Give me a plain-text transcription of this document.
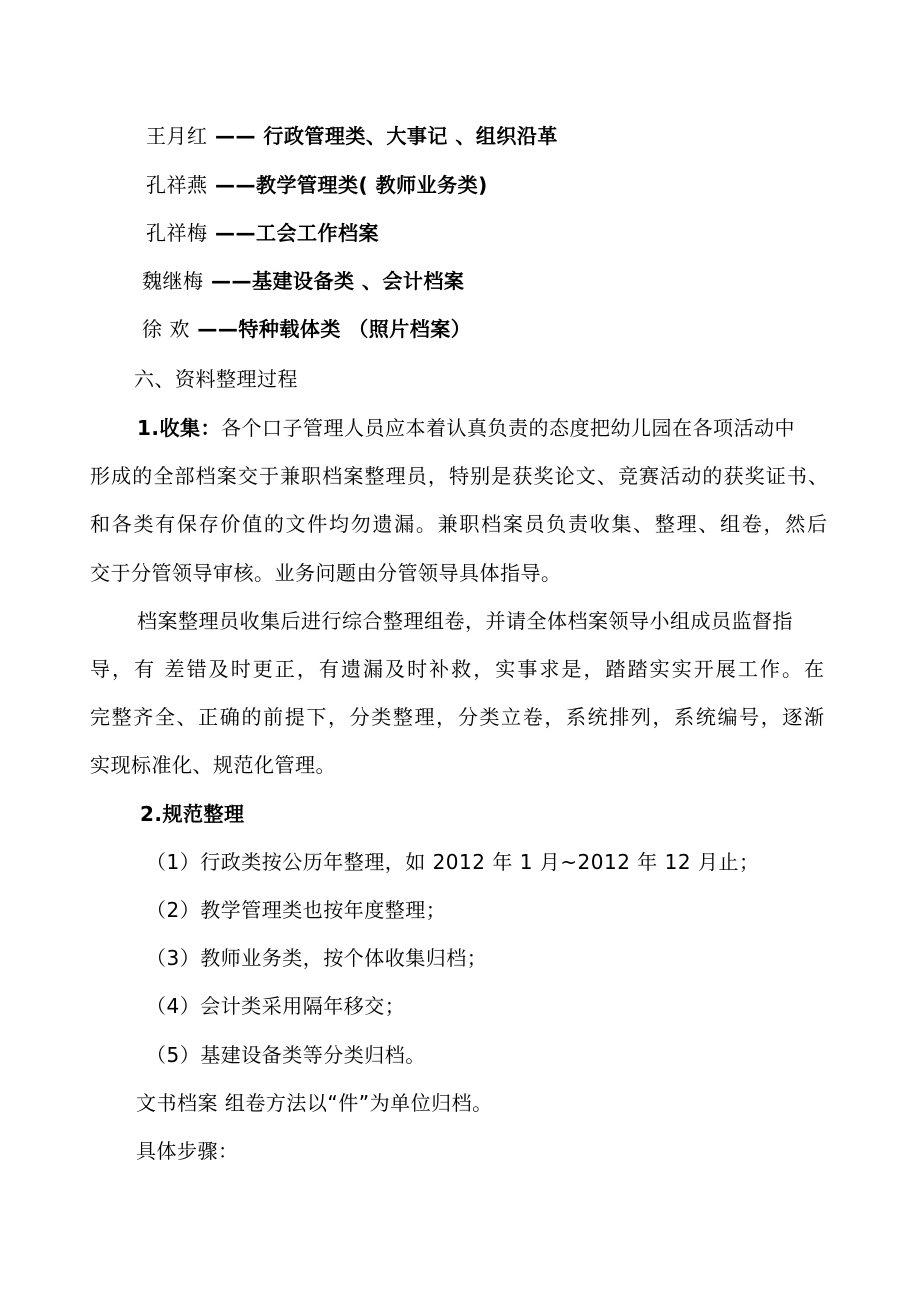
王月红 —— 行政管理类、大事记 、组织沿革
孔祥燕 ——教学管理类( 教师业务类)
孔祥梅 ——工会工作档案
魏继梅 ——基建设备类 、会计档案
徐 欢 ——特种载体类 （照片档案）
六、资料整理过程
1.收集：各个口子管理人员应本着认真负责的态度把幼儿园在各项活动中
形成的全部档案交于兼职档案整理员，特别是获奖论文、竞赛活动的获奖证书、
和各类有保存价值的文件均勿遗漏。兼职档案员负责收集、整理、组卷，然后
交于分管领导审核。业务问题由分管领导具体指导。
档案整理员收集后进行综合整理组卷，并请全体档案领导小组成员监督指
导，有 差错及时更正，有遗漏及时补救，实事求是，踏踏实实开展工作。在
完整齐全、正确的前提下，分类整理，分类立卷，系统排列，系统编号，逐渐
实现标准化、规范化管理。
2.规范整理
（1）行政类按公历年整理，如 2012 年 1 月~2012 年 12 月止；
（2）教学管理类也按年度整理；
（3）教师业务类，按个体收集归档；
（4）会计类采用隔年移交；
（5）基建设备类等分类归档。
文书档案 组卷方法以“件”为单位归档。
具体步骤：
